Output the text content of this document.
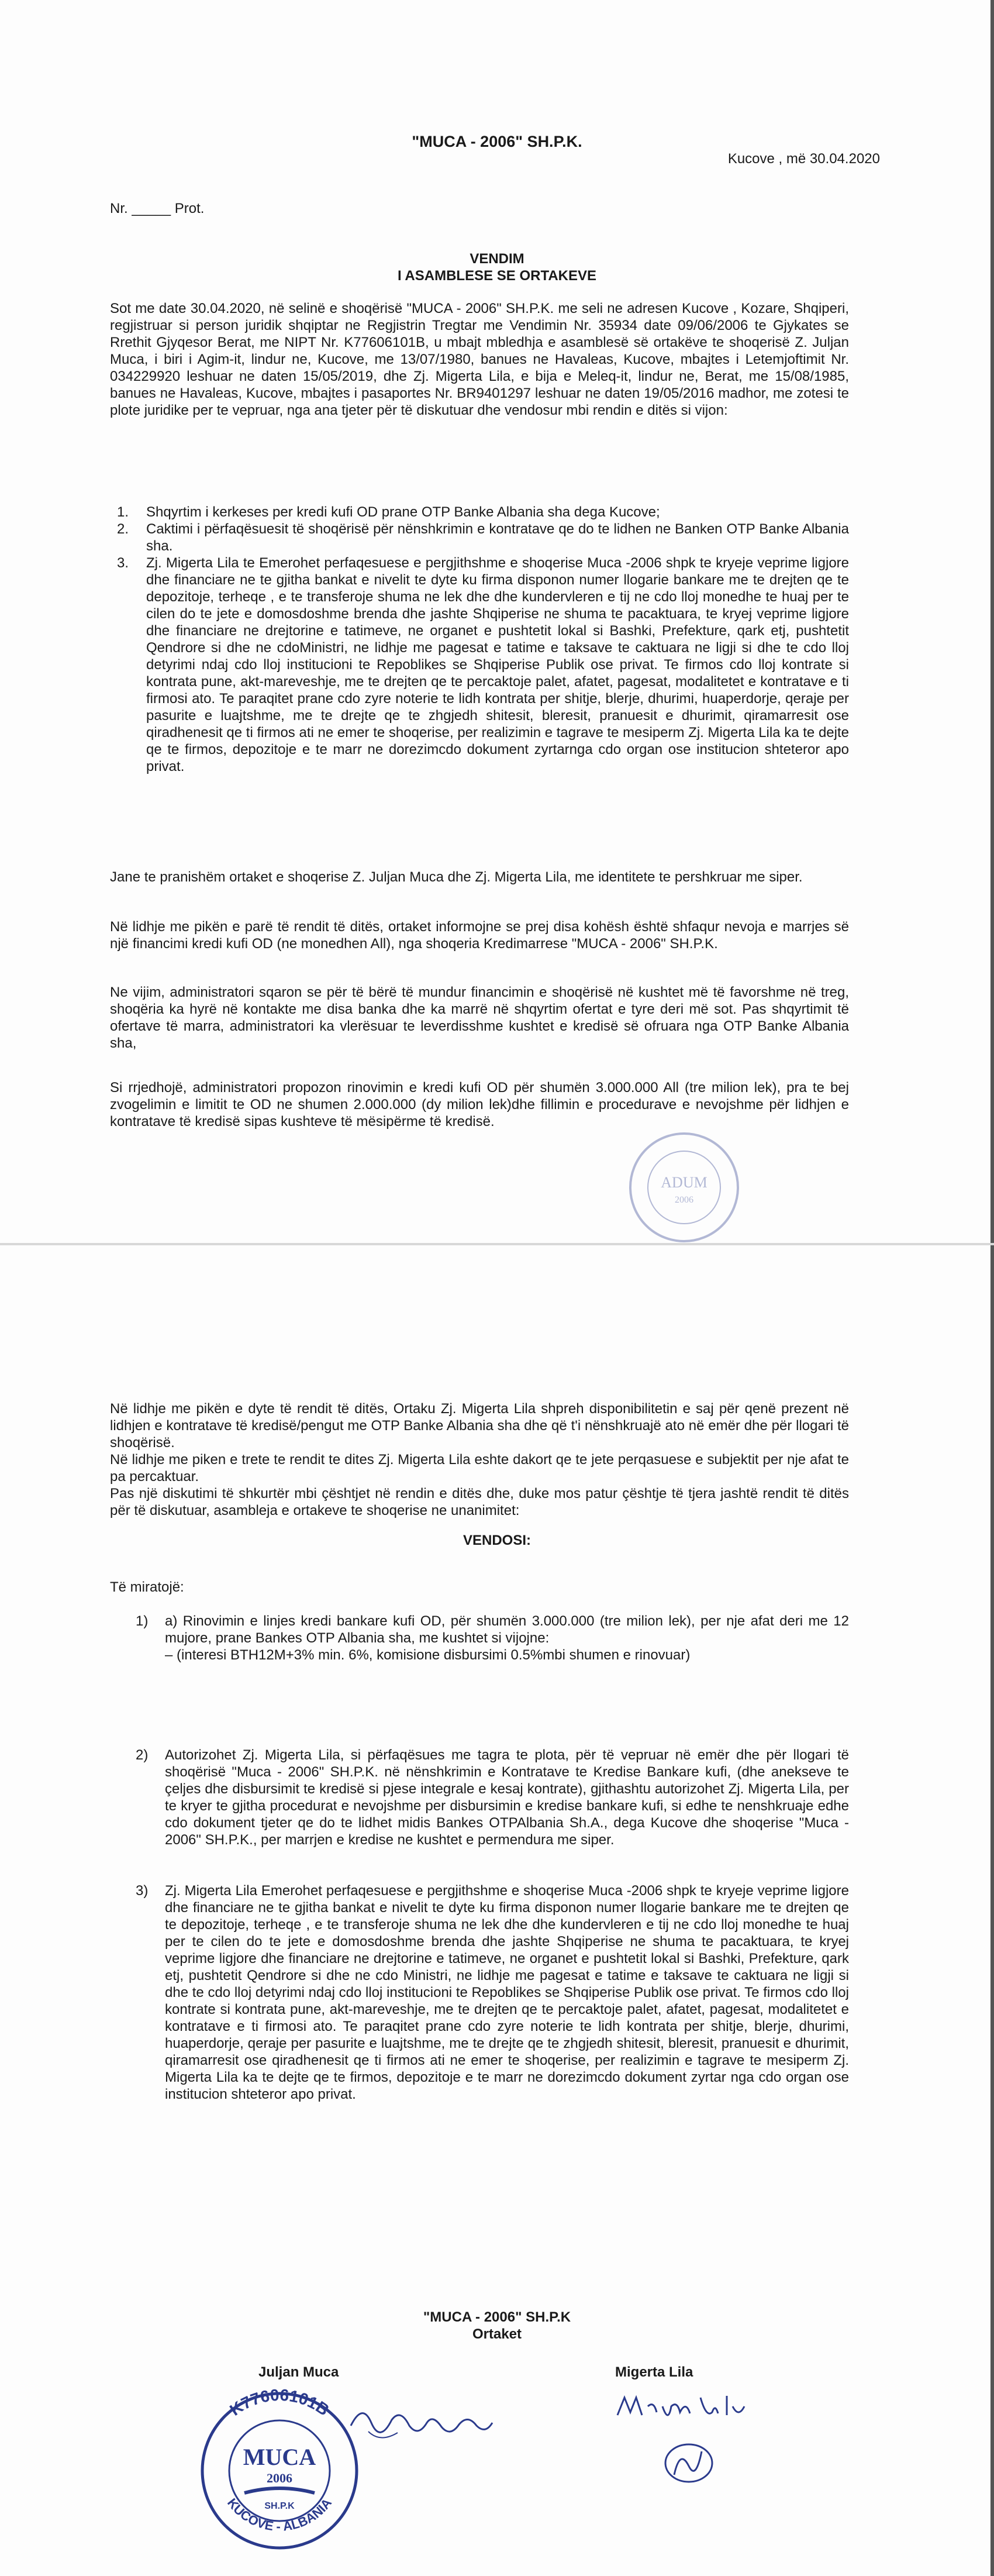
"MUCA - 2006" SH.P.K.
Kucove , më 30.04.2020
Nr. _____ Prot.
VENDIM
I ASAMBLESE SE ORTAKEVE
Sot me date 30.04.2020, në selinë e shoqërisë "MUCA - 2006" SH.P.K. me seli ne adresen Kucove , Kozare, Shqiperi, regjistruar si person juridik shqiptar ne Regjistrin Tregtar me Vendimin Nr. 35934 date 09/06/2006 te Gjykates se Rrethit Gjyqesor Berat, me NIPT Nr. K77606101B, u mbajt mbledhja e asamblesë së ortakëve te shoqerisë Z. Juljan Muca, i biri i Agim-it, lindur ne, Kucove, me 13/07/1980, banues ne Havaleas, Kucove, mbajtes i Letemjoftimit Nr. 034229920 leshuar ne daten 15/05/2019, dhe Zj. Migerta Lila, e bija e Meleq-it, lindur ne, Berat, me 15/08/1985, banues ne Havaleas, Kucove, mbajtes i pasaportes Nr. BR9401297 leshuar ne daten 19/05/2016 madhor, me zotesi te plote juridike per te vepruar, nga ana tjeter për të diskutuar dhe vendosur mbi rendin e ditës si vijon:
1. Shqyrtim i kerkeses per kredi kufi OD prane OTP Banke Albania sha dega Kucove;
2. Caktimi i përfaqësuesit të shoqërisë për nënshkrimin e kontratave qe do te lidhen ne Banken OTP Banke Albania sha.
3. Zj. Migerta Lila te Emerohet perfaqesuese e pergjithshme e shoqerise Muca -2006 shpk te kryeje veprime ligjore dhe financiare ne te gjitha bankat e nivelit te dyte ku firma disponon numer llogarie bankare me te drejten qe te depozitoje, terheqe , e te transferoje shuma ne lek dhe dhe kundervleren e tij ne cdo lloj monedhe te huaj per te cilen do te jete e domosdoshme brenda dhe jashte Shqiperise ne shuma te pacaktuara, te kryej veprime ligjore dhe financiare ne drejtorine e tatimeve, ne organet e pushtetit lokal si Bashki, Prefekture, qark etj, pushtetit Qendrore si dhe ne cdoMinistri, ne lidhje me pagesat e tatime e taksave te caktuara ne ligji si dhe te cdo lloj detyrimi ndaj cdo lloj institucioni te Repoblikes se Shqiperise Publik ose privat. Te firmos cdo lloj kontrate si kontrata pune, akt-mareveshje, me te drejten qe te percaktoje palet, afatet, pagesat, modalitetet e kontratave e ti firmosi ato. Te paraqitet prane cdo zyre noterie te lidh kontrata per shitje, blerje, dhurimi, huaperdorje, qeraje per pasurite e luajtshme, me te drejte qe te zhgjedh shitesit, bleresit, pranuesit e dhurimit, qiramarresit ose qiradhenesit qe ti firmos ati ne emer te shoqerise, per realizimin e tagrave te mesiperm Zj. Migerta Lila ka te dejte qe te firmos, depozitoje e te marr ne dorezimcdo dokument zyrtarnga cdo organ ose institucion shteteror apo privat.
Jane te pranishëm ortaket e shoqerise Z. Juljan Muca dhe Zj. Migerta Lila, me identitete te pershkruar me siper.
Në lidhje me pikën e parë të rendit të ditës, ortaket informojne se prej disa kohësh është shfaqur nevoja e marrjes së një financimi kredi kufi OD (ne monedhen All), nga shoqeria Kredimarrese "MUCA - 2006" SH.P.K.
Ne vijim, administratori sqaron se për të bërë të mundur financimin e shoqërisë në kushtet më të favorshme në treg, shoqëria ka hyrë në kontakte me disa banka dhe ka marrë në shqyrtim ofertat e tyre deri më sot. Pas shqyrtimit të ofertave të marra, administratori ka vlerësuar te leverdisshme kushtet e kredisë së ofruara nga OTP Banke Albania sha,
Si rrjedhojë, administratori propozon rinovimin e kredi kufi OD për shumën 3.000.000 All (tre milion lek), pra te bej zvogelimin e limitit te OD ne shumen 2.000.000 (dy milion lek)dhe fillimin e procedurave e nevojshme për lidhjen e kontratave të kredisë sipas kushteve të mësipërme të kredisë.
ADUM
2006
Në lidhje me pikën e dyte të rendit të ditës, Ortaku Zj. Migerta Lila shpreh disponibilitetin e saj për qenë prezent në lidhjen e kontratave të kredisë/pengut me OTP Banke Albania sha dhe që t'i nënshkruajë ato në emër dhe për llogari të shoqërisë.
Në lidhje me piken e trete te rendit te dites Zj. Migerta Lila eshte dakort qe te jete perqasuese e subjektit per nje afat te pa percaktuar.
Pas një diskutimi të shkurtër mbi çështjet në rendin e ditës dhe, duke mos patur çështje të tjera jashtë rendit të ditës për të diskutuar, asambleja e ortakeve te shoqerise ne unanimitet:
VENDOSI:
Të miratojë:
1) a) Rinovimin e linjes kredi bankare kufi OD, për shumën 3.000.000 (tre milion lek), per nje afat deri me 12 mujore, prane Bankes OTP Albania sha, me kushtet si vijojne:
– (interesi BTH12M+3% min. 6%, komisione disbursimi 0.5%mbi shumen e rinovuar)
2) Autorizohet Zj. Migerta Lila, si përfaqësues me tagra te plota, për të vepruar në emër dhe për llogari të shoqërisë "Muca - 2006" SH.P.K. në nënshkrimin e Kontratave te Kredise Bankare kufi, (dhe anekseve te çeljes dhe disbursimit te kredisë si pjese integrale e kesaj kontrate), gjithashtu autorizohet Zj. Migerta Lila, per te kryer te gjitha procedurat e nevojshme per disbursimin e kredise bankare kufi, si edhe te nenshkruaje edhe cdo dokument tjeter qe do te lidhet midis Bankes OTPAlbania Sh.A., dega Kucove dhe shoqerise "Muca - 2006" SH.P.K., per marrjen e kredise ne kushtet e permendura me siper.
3) Zj. Migerta Lila Emerohet perfaqesuese e pergjithshme e shoqerise Muca -2006 shpk te kryeje veprime ligjore dhe financiare ne te gjitha bankat e nivelit te dyte ku firma disponon numer llogarie bankare me te drejten qe te depozitoje, terheqe , e te transferoje shuma ne lek dhe dhe kundervleren e tij ne cdo lloj monedhe te huaj per te cilen do te jete e domosdoshme brenda dhe jashte Shqiperise ne shuma te pacaktuara, te kryej veprime ligjore dhe financiare ne drejtorine e tatimeve, ne organet e pushtetit lokal si Bashki, Prefekture, qark etj, pushtetit Qendrore si dhe ne cdo Ministri, ne lidhje me pagesat e tatime e taksave te caktuara ne ligji si dhe te cdo lloj detyrimi ndaj cdo lloj institucioni te Repoblikes se Shqiperise Publik ose privat. Te firmos cdo lloj kontrate si kontrata pune, akt-mareveshje, me te drejten qe te percaktoje palet, afatet, pagesat, modalitetet e kontratave e ti firmosi ato. Te paraqitet prane cdo zyre noterie te lidh kontrata per shitje, blerje, dhurimi, huaperdorje, qeraje per pasurite e luajtshme, me te drejte qe te zhgjedh shitesit, bleresit, pranuesit e dhurimit, qiramarresit ose qiradhenesit qe ti firmos ati ne emer te shoqerise, per realizimin e tagrave te mesiperm Zj. Migerta Lila ka te dejte qe te firmos, depozitoje e te marr ne dorezimcdo dokument zyrtar nga cdo organ ose institucion shteteror apo privat.
"MUCA - 2006" SH.P.K
Ortaket
Juljan Muca	Migerta Lila
K77606101B
MUCA
2006
SH.P.K
KUCOVE - ALBANIA
